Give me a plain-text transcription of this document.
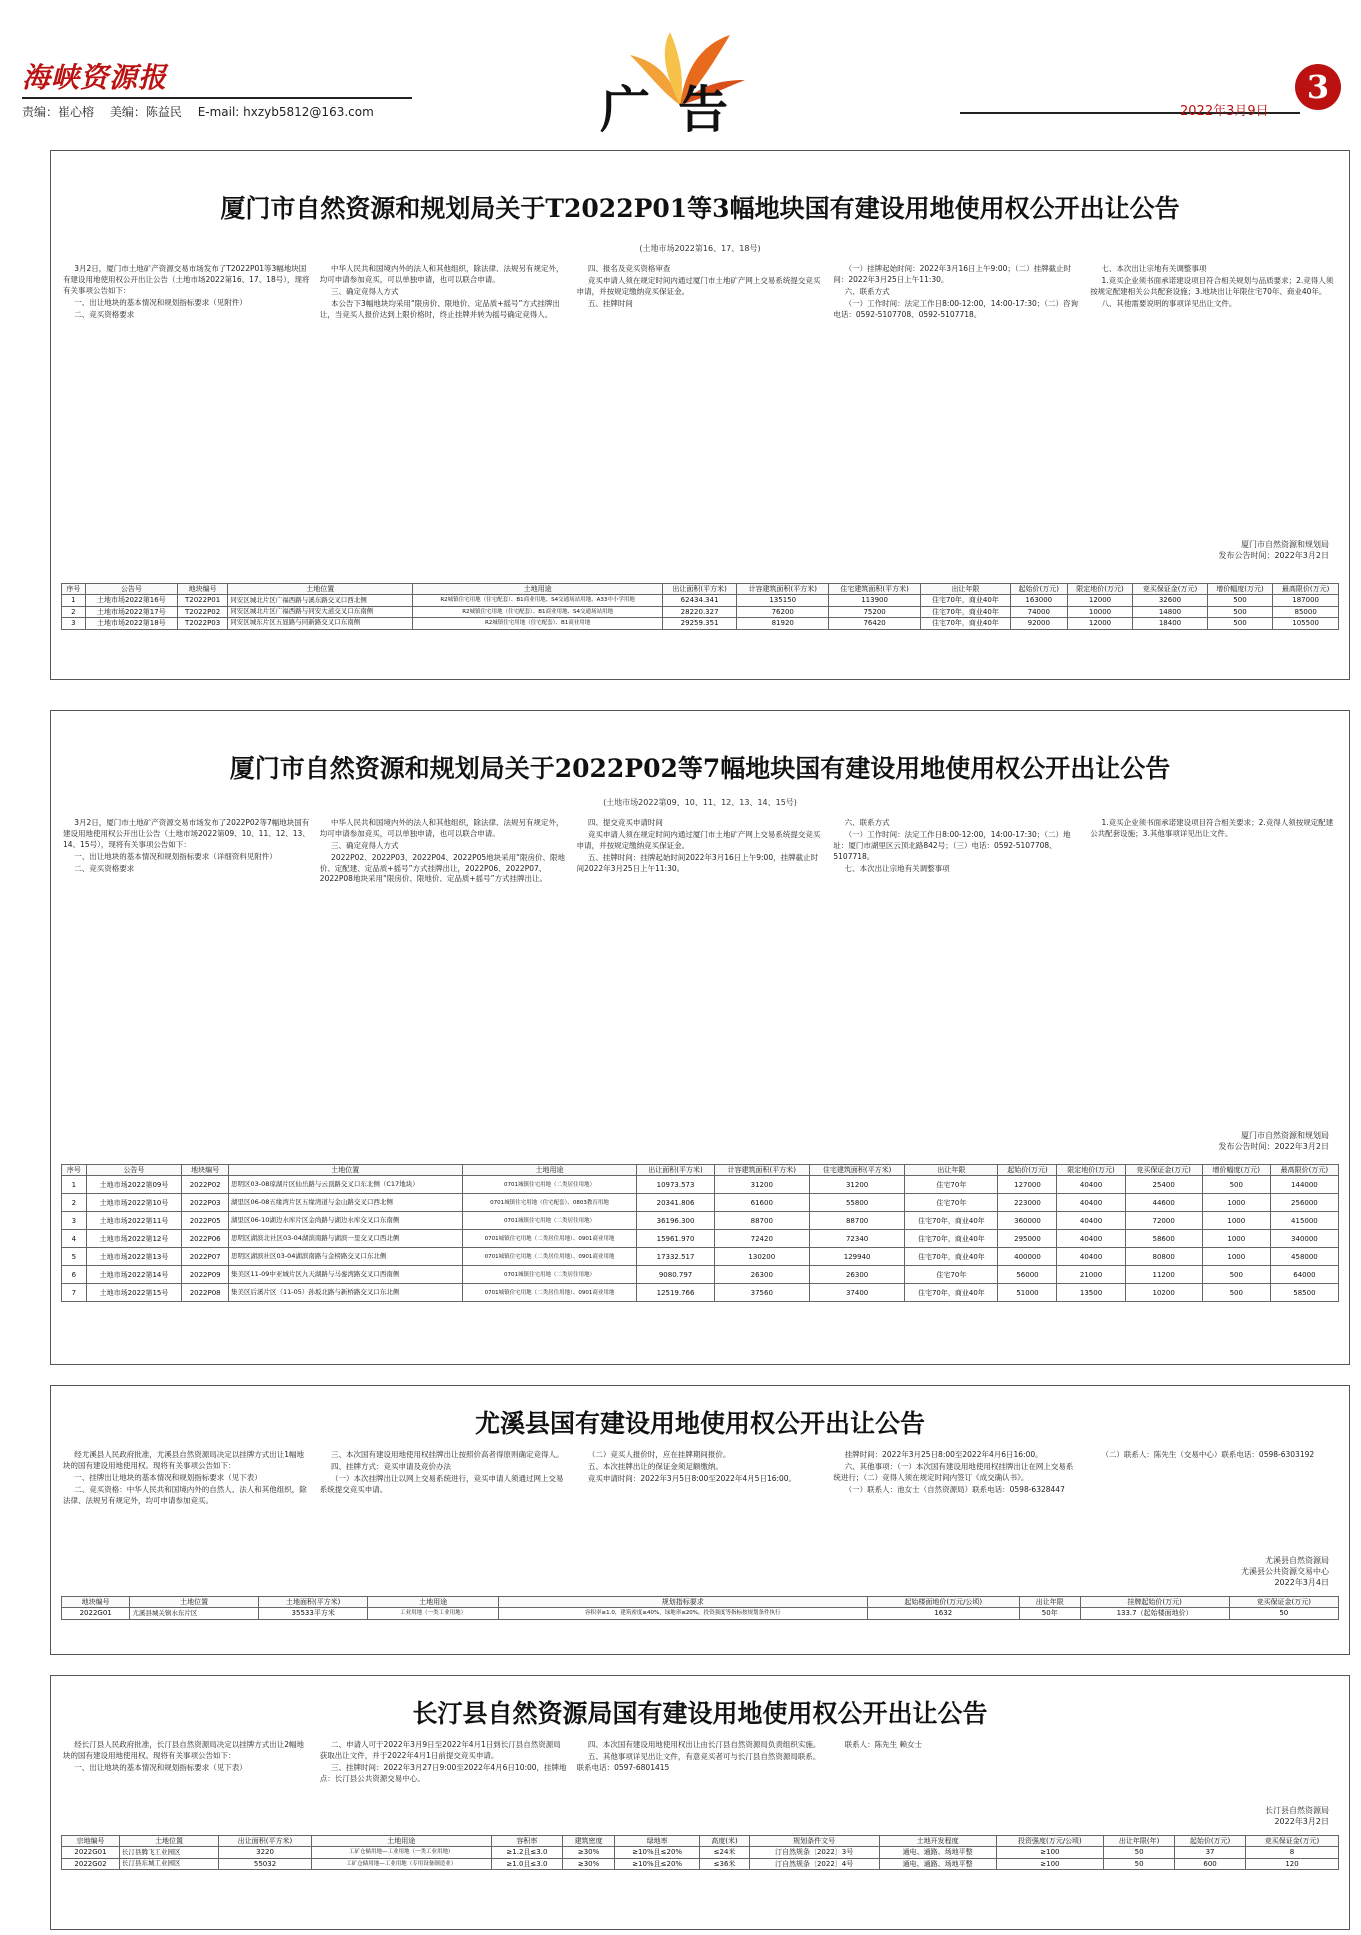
海峡资源报
责编：崔心榕 美编：陈益民 E-mail: hxzyb5812@163.com	广告	2022年3月9日
3
厦门市自然资源和规划局关于T2022P01等3幅地块国有建设用地使用权公开出让公告
(土地市场2022第16、17、18号)

3月2日，厦门市土地矿产资源交易市场发布了T2022P01等3幅地块国有建设用地使用权公开出让公告（土地市场2022第16、17、18号），现将有关事项公告如下：

一、出让地块的基本情况和规划指标要求（见附件）

二、竞买资格要求

中华人民共和国境内外的法人和其他组织，除法律、法规另有规定外，均可申请参加竞买，可以单独申请，也可以联合申请。

三、确定竞得人方式

本公告下3幅地块均采用“限房价、限地价、定品质+摇号”方式挂牌出让，当竞买人报价达到上限价格时，终止挂牌并转为摇号确定竞得人。

四、报名及竞买资格审查

竞买申请人须在规定时间内通过厦门市土地矿产网上交易系统提交竞买申请，并按规定缴纳竞买保证金。

五、挂牌时间

（一）挂牌起始时间：2022年3月16日上午9:00；（二）挂牌截止时间：2022年3月25日上午11:30。

六、联系方式

（一）工作时间：法定工作日8:00-12:00，14:00-17:30；（二）咨询电话：0592-5107708、0592-5107718。

七、本次出让宗地有关调整事项

1.竞买企业须书面承诺建设项目符合相关规划与品质要求；2.竞得人须按规定配建相关公共配套设施；3.地块出让年限住宅70年、商业40年。

八、其他需要说明的事项详见出让文件。

厦门市自然资源和规划局
发布公告时间：2022年3月2日
序号	公告号	地块编号	土地位置	土地用途	出让面积(平方米)	计容建筑面积(平方米)	住宅建筑面积(平方米)	出让年限	起始价(万元)	限定地价(万元)	竞买保证金(万元)	增价幅度(万元)	最高限价(万元)
1	土地市场2022第16号	T2022P01	同安区城北片区广福西路与溪东路交叉口西北侧	R2城镇住宅用地（住宅配套）、B1商业用地、S4交通场站用地、A33中小学用地	62434.341	135150	113900	住宅70年，商业40年	163000	12000	32600	500	187000
2	土地市场2022第17号	T2022P02	同安区城北片区广福西路与同安大道交叉口东南侧	R2城镇住宅用地（住宅配套）、B1商业用地、S4交通场站用地	28220.327	76200	75200	住宅70年，商业40年	74000	10000	14800	500	85000
3	土地市场2022第18号	T2022P03	同安区城东片区五显路与同新路交叉口东南侧	R2城镇住宅用地（住宅配套）、B1商业用地	29259.351	81920	76420	住宅70年，商业40年	92000	12000	18400	500	105500
厦门市自然资源和规划局关于2022P02等7幅地块国有建设用地使用权公开出让公告
(土地市场2022第09、10、11、12、13、14、15号)

3月2日，厦门市土地矿产资源交易市场发布了2022P02等7幅地块国有建设用地使用权公开出让公告（土地市场2022第09、10、11、12、13、14、15号），现将有关事项公告如下：

一、出让地块的基本情况和规划指标要求（详细资料见附件）

二、竞买资格要求

中华人民共和国境内外的法人和其他组织，除法律、法规另有规定外，均可申请参加竞买，可以单独申请，也可以联合申请。

三、确定竞得人方式

2022P02、2022P03、2022P04、2022P05地块采用“限房价、限地价、定配建、定品质+摇号”方式挂牌出让，2022P06、2022P07、2022P08地块采用“限房价、限地价、定品质+摇号”方式挂牌出让。

四、提交竞买申请时间

竞买申请人须在规定时间内通过厦门市土地矿产网上交易系统提交竞买申请，并按规定缴纳竞买保证金。

五、挂牌时间：挂牌起始时间2022年3月16日上午9:00，挂牌截止时间2022年3月25日上午11:30。

六、联系方式

（一）工作时间：法定工作日8:00-12:00，14:00-17:30；（二）地址：厦门市湖里区云顶北路842号；（三）电话：0592-5107708、5107718。

七、本次出让宗地有关调整事项

1.竞买企业须书面承诺建设项目符合相关要求；2.竞得人须按规定配建公共配套设施；3.其他事项详见出让文件。

厦门市自然资源和规划局
发布公告时间：2022年3月2日
序号	公告号	地块编号	土地位置	土地用途	出让面积(平方米)	计容建筑面积(平方米)	住宅建筑面积(平方米)	出让年限	起始价(万元)	限定地价(万元)	竞买保证金(万元)	增价幅度(万元)	最高限价(万元)
1	土地市场2022第09号	2022P02	思明区03-08琼湖片区仙岳路与云顶路交叉口东北侧（C17地块）	0701城镇住宅用地（二类居住用地）	10973.573	31200	31200	住宅70年	127000	40400	25400	500	144000
2	土地市场2022第10号	2022P03	湖里区06-08五缘湾片区五缘湾道与金山路交叉口西北侧	0701城镇住宅用地（住宅配套）、0803教育用地	20341.806	61600	55800	住宅70年	223000	40400	44600	1000	256000
3	土地市场2022第11号	2022P05	湖里区06-10湖边水库片区金尚路与湖边水库交叉口东南侧	0701城镇住宅用地（二类居住用地）	36196.300	88700	88700	住宅70年，商业40年	360000	40400	72000	1000	415000
4	土地市场2022第12号	2022P06	思明区湖滨北社区03-04湖滨南路与湖滨一里交叉口西北侧	0701城镇住宅用地（二类居住用地）、0901商业用地	15961.970	72420	72340	住宅70年，商业40年	295000	40400	58600	1000	340000
5	土地市场2022第13号	2022P07	思明区湖滨社区03-04湖滨南路与金榜路交叉口东北侧	0701城镇住宅用地（二类居住用地）、0901商业用地	17332.517	130200	129940	住宅70年，商业40年	400000	40400	80800	1000	458000
6	土地市场2022第14号	2022P09	集美区11-09中亚城片区九天湖路与马銮湾路交叉口西南侧	0701城镇住宅用地（二类居住用地）	9080.797	26300	26300	住宅70年	56000	21000	11200	500	64000
7	土地市场2022第15号	2022P08	集美区后溪片区（11-05）孙坂北路与新桥路交叉口东北侧	0701城镇住宅用地（二类居住用地）、0901商业用地	12519.766	37560	37400	住宅70年，商业40年	51000	13500	10200	500	58500
尤溪县国有建设用地使用权公开出让公告

经尤溪县人民政府批准，尤溪县自然资源局决定以挂牌方式出让1幅地块的国有建设用地使用权。现将有关事项公告如下：

一、挂牌出让地块的基本情况和规划指标要求（见下表）

二、竞买资格：中华人民共和国境内外的自然人、法人和其他组织，除法律、法规另有规定外，均可申请参加竞买。

三、本次国有建设用地使用权挂牌出让按照价高者得原则确定竞得人。

四、挂牌方式：竞买申请及竞价办法

（一）本次挂牌出让以网上交易系统进行，竞买申请人须通过网上交易系统提交竞买申请。

（二）竞买人报价时，应在挂牌期间报价。

五、本次挂牌出让的保证金须足额缴纳。

竞买申请时间：2022年3月5日8:00至2022年4月5日16:00。

挂牌时间：2022年3月25日8:00至2022年4月6日16:00。

六、其他事项：（一）本次国有建设用地使用权挂牌出让在网上交易系统进行；（二）竞得人须在规定时间内签订《成交确认书》。

（一）联系人：池女士（自然资源局）联系电话：0598-6328447

（二）联系人：陈先生（交易中心）联系电话：0598-6303192

尤溪县自然资源局
尤溪县公共资源交易中心
2022年3月4日
地块编号	土地位置	土地面积(平方米)	土地用途	规划指标要求	起始楼面地价(万元/公顷)	出让年限	挂牌起始价(万元)	竞买保证金(万元)
2022G01	尤溪县城关镇水东片区	35533平方米	工业用地（一类工业用地）	容积率≥1.0，建筑密度≥40%，绿地率≤20%，投资强度等指标按规划条件执行	1632	50年	133.7（起始楼面地价）	50
长汀县自然资源局国有建设用地使用权公开出让公告

经长汀县人民政府批准，长汀县自然资源局决定以挂牌方式出让2幅地块的国有建设用地使用权。现将有关事项公告如下：

一、出让地块的基本情况和规划指标要求（见下表）

二、申请人可于2022年3月9日至2022年4月1日到长汀县自然资源局获取出让文件，并于2022年4月1日前提交竞买申请。

三、挂牌时间：2022年3月27日9:00至2022年4月6日10:00，挂牌地点：长汀县公共资源交易中心。

四、本次国有建设用地使用权出让由长汀县自然资源局负责组织实施。

五、其他事项详见出让文件，有意竞买者可与长汀县自然资源局联系。联系电话：0597-6801415

联系人：陈先生 赖女士

长汀县自然资源局
2022年3月2日
宗地编号	土地位置	出让面积(平方米)	土地用途	容积率	建筑密度	绿地率	高度(米)	规划条件文号	土地开发程度	投资强度(万元/公顷)	出让年限(年)	起始价(万元)	竞买保证金(万元)
2022G01	长汀县腾飞工业园区	3220	工矿仓储用地—工业用地（一类工业用地）	≥1.2且≤3.0	≥30%	≥10%且≤20%	≤24米	汀自然规条〔2022〕3号	通电、通路、场地平整	≥100	50	37	8
2022G02	长汀县东城工业园区	55032	工矿仓储用地—工业用地（专用设备制造业）	≥1.0且≤3.0	≥30%	≥10%且≤20%	≤36米	汀自然规条〔2022〕4号	通电、通路、场地平整	≥100	50	600	120
